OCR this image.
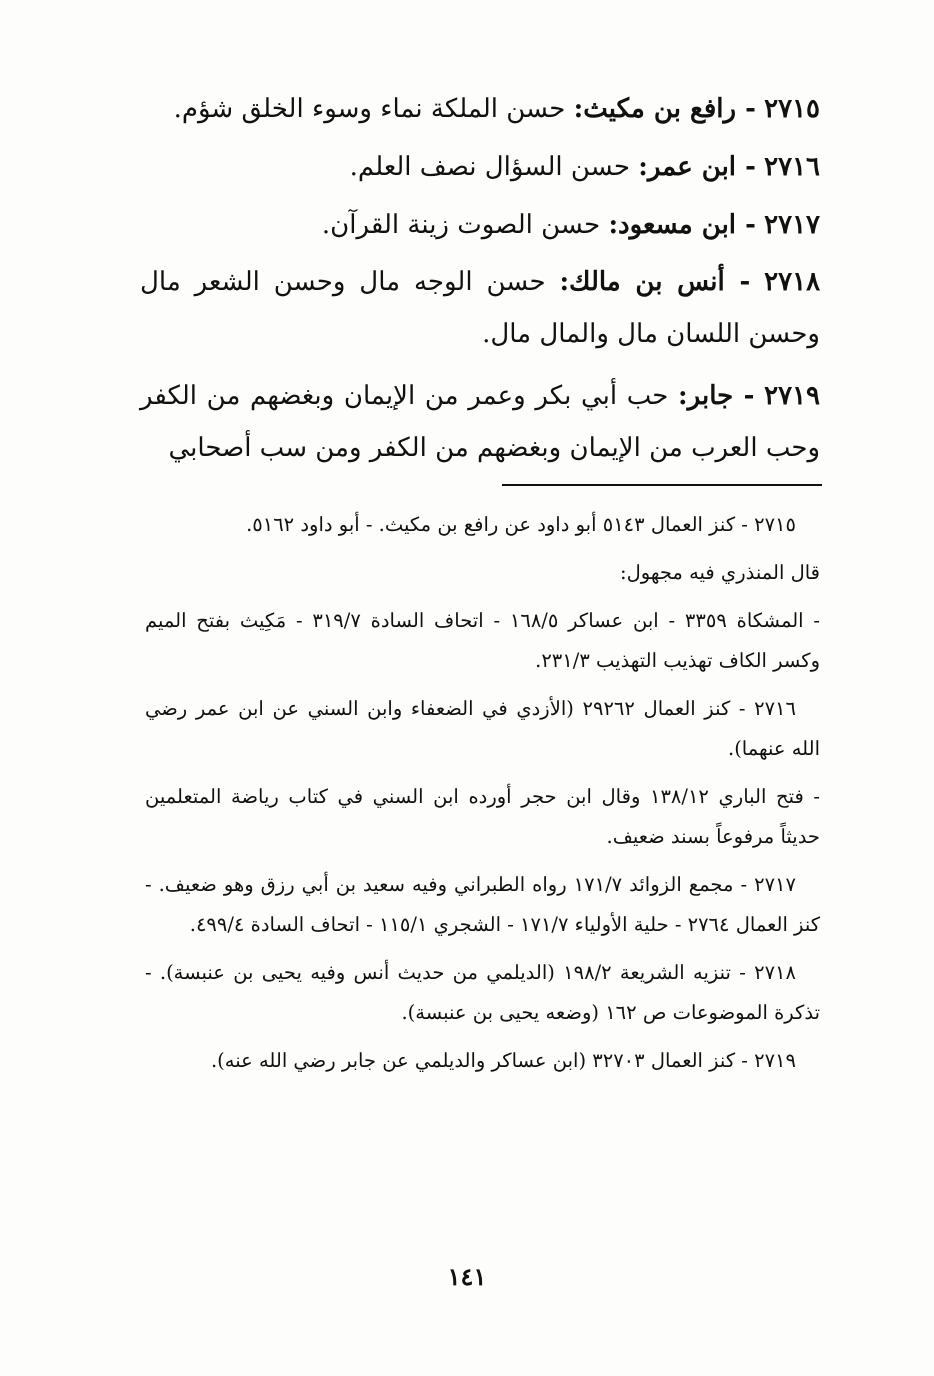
٢٧١٥ - رافع بن مكيث: حسن الملكة نماء وسوء الخلق شؤم.
٢٧١٦ - ابن عمر: حسن السؤال نصف العلم.
٢٧١٧ - ابن مسعود: حسن الصوت زينة القرآن.
٢٧١٨ - أنس بن مالك: حسن الوجه مال وحسن الشعر مال وحسن اللسان مال والمال مال.
٢٧١٩ - جابر: حب أبي بكر وعمر من الإيمان وبغضهم من الكفر وحب العرب من الإيمان وبغضهم من الكفر ومن سب أصحابي
٢٧١٥ - كنز العمال ٥١٤٣ أبو داود عن رافع بن مكيث. - أبو داود ٥١٦٢.
قال المنذري فيه مجهول:
- المشكاة ٣٣٥٩ - ابن عساكر ١٦٨/٥ - اتحاف السادة ٣١٩/٧ - مَكِيث بفتح الميم وكسر الكاف تهذيب التهذيب ٢٣١/٣.
٢٧١٦ - كنز العمال ٢٩٢٦٢ (الأزدي في الضعفاء وابن السني عن ابن عمر رضي الله عنهما).
- فتح الباري ١٣٨/١٢ وقال ابن حجر أورده ابن السني في كتاب رياضة المتعلمين حديثاً مرفوعاً بسند ضعيف.
٢٧١٧ - مجمع الزوائد ١٧١/٧ رواه الطبراني وفيه سعيد بن أبي رزق وهو ضعيف. - كنز العمال ٢٧٦٤ - حلية الأولياء ١٧١/٧ - الشجري ١١٥/١ - اتحاف السادة ٤٩٩/٤.
٢٧١٨ - تنزيه الشريعة ١٩٨/٢ (الديلمي من حديث أنس وفيه يحيى بن عنبسة). - تذكرة الموضوعات ص ١٦٢ (وضعه يحيى بن عنبسة).
٢٧١٩ - كنز العمال ٣٢٧٠٣ (ابن عساكر والديلمي عن جابر رضي الله عنه).
١٤١
